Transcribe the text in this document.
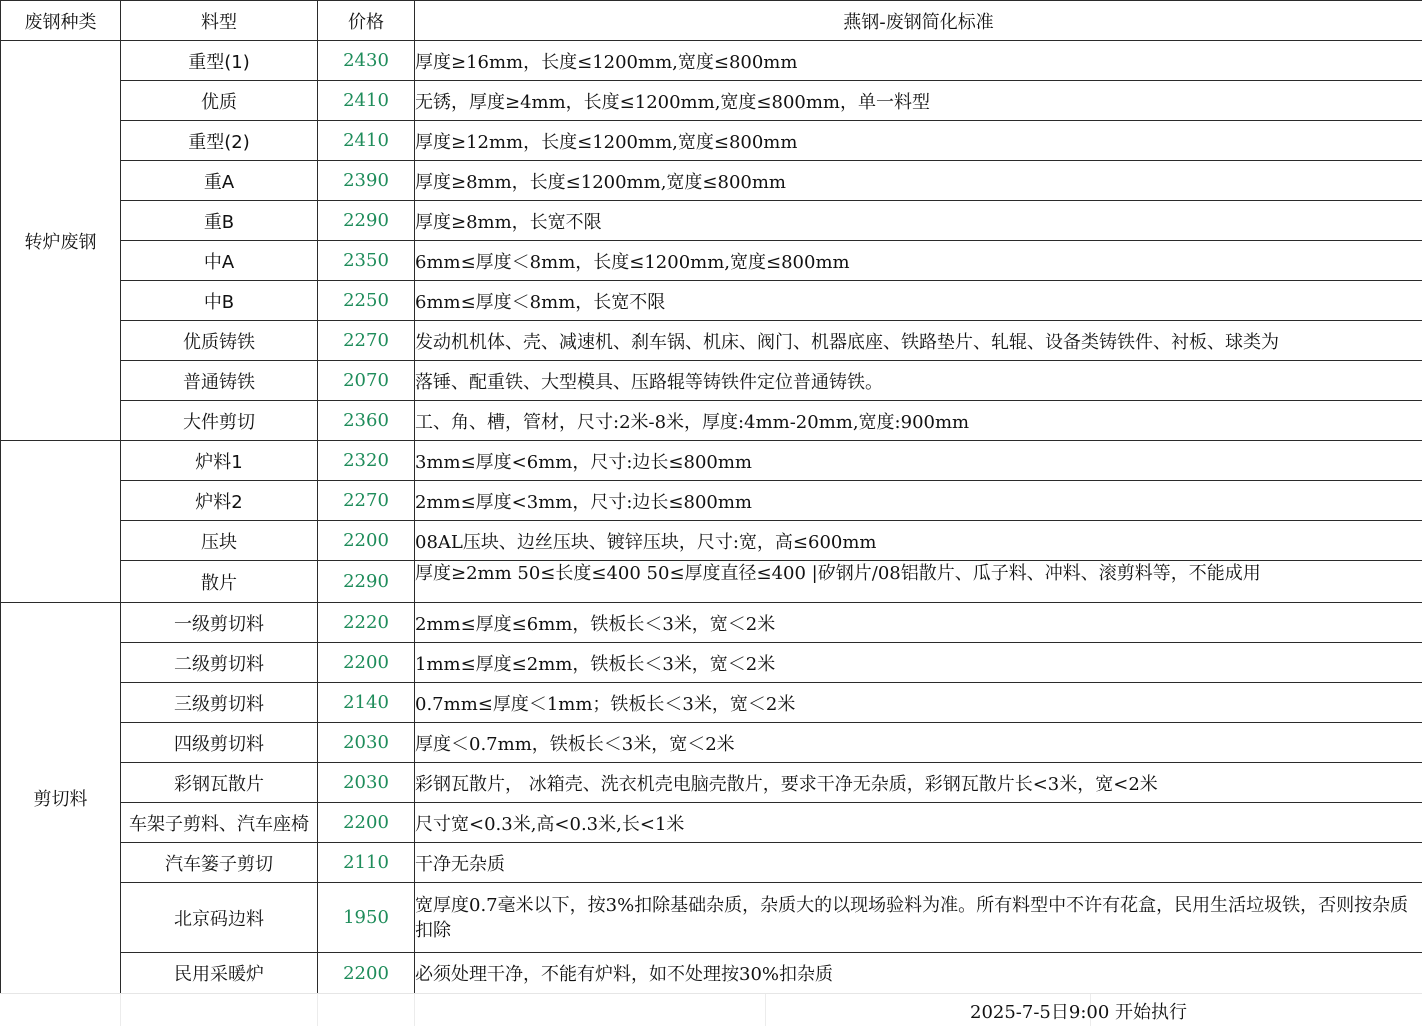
废钢种类	料型	价格	燕钢-废钢简化标准
转炉废钢	重型(1)	2430	厚度≥16mm，长度≤1200mm,宽度≤800mm
	优质	2410	无锈，厚度≥4mm，长度≤1200mm,宽度≤800mm，单一料型
	重型(2)	2410	厚度≥12mm，长度≤1200mm,宽度≤800mm
	重A	2390	厚度≥8mm，长度≤1200mm,宽度≤800mm
	重B	2290	厚度≥8mm，长宽不限
	中A	2350	6mm≤厚度＜8mm，长度≤1200mm,宽度≤800mm
	中B	2250	6mm≤厚度＜8mm，长宽不限
	优质铸铁	2270	发动机机体、壳、减速机、刹车锅、机床、阀门、机器底座、铁路垫片、轧辊、设备类铸铁件、衬板、球类为
	普通铸铁	2070	落锤、配重铁、大型模具、压路辊等铸铁件定位普通铸铁。
	大件剪切	2360	工、角、槽，管材，尺寸:2米-8米，厚度:4mm-20mm,宽度:900mm
	炉料1	2320	3mm≤厚度<6mm，尺寸:边长≤800mm
	炉料2	2270	2mm≤厚度<3mm，尺寸:边长≤800mm
	压块	2200	08AL压块、边丝压块、镀锌压块，尺寸:宽，高≤600mm
	散片	2290	厚度≥2mm 50≤长度≤400 50≤厚度直径≤400 |矽钢片/08铝散片、瓜子料、冲料、滚剪料等，不能成用
剪切料	一级剪切料	2220	2mm≤厚度≤6mm，铁板长＜3米，宽＜2米
	二级剪切料	2200	1mm≤厚度≤2mm，铁板长＜3米，宽＜2米
	三级剪切料	2140	0.7mm≤厚度＜1mm；铁板长＜3米，宽＜2米
	四级剪切料	2030	厚度＜0.7mm，铁板长＜3米，宽＜2米
	彩钢瓦散片	2030	彩钢瓦散片， 冰箱壳、洗衣机壳电脑壳散片，要求干净无杂质，彩钢瓦散片长<3米，宽<2米
	车架子剪料、汽车座椅	2200	尺寸宽<0.3米,高<0.3米,长<1米
	汽车篓子剪切	2110	干净无杂质
	北京码边料	1950	宽厚度0.7毫米以下，按3%扣除基础杂质，杂质大的以现场验料为准。所有料型中不许有花盒，民用生活垃圾铁，否则按杂质扣除
	民用采暖炉	2200	必须处理干净，不能有炉料，如不处理按30%扣杂质
2025-7-5日9:00 开始执行
